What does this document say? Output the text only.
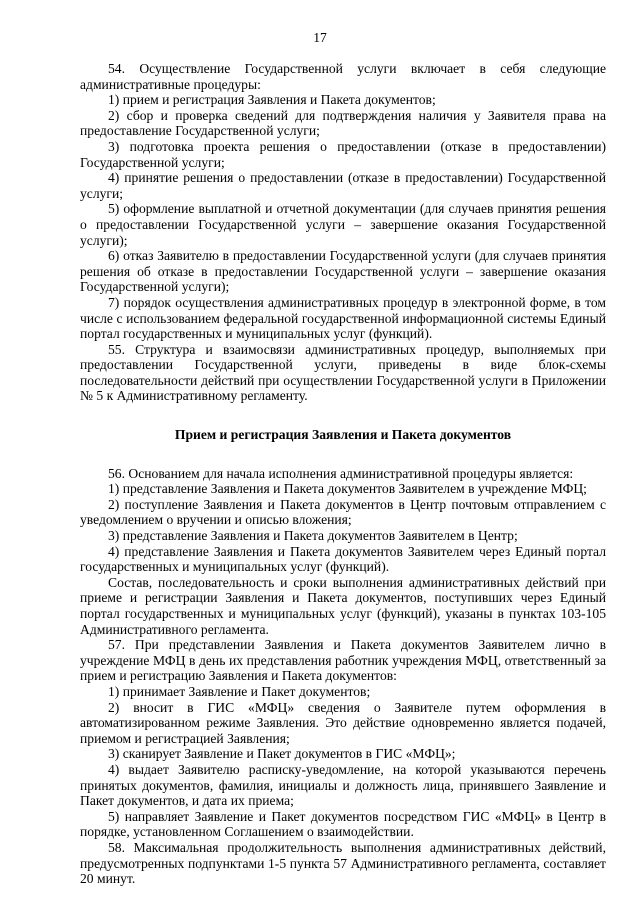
17

54. Осуществление Государственной услуги включает в себя следующие административные процедуры:

1) прием и регистрация Заявления и Пакета документов;

2) сбор и проверка сведений для подтверждения наличия у Заявителя права на предоставление Государственной услуги;

3) подготовка проекта решения о предоставлении (отказе в предоставлении) Государственной услуги;

4) принятие решения о предоставлении (отказе в предоставлении) Государственной услуги;

5) оформление выплатной и отчетной документации (для случаев принятия решения о предоставлении Государственной услуги – завершение оказания Государственной услуги);

6) отказ Заявителю в предоставлении Государственной услуги (для случаев принятия решения об отказе в предоставлении Государственной услуги – завершение оказания Государственной услуги);

7) порядок осуществления административных процедур в электронной форме, в том числе с использованием федеральной государственной информационной системы Единый портал государственных и муниципальных услуг (функций).

55. Структура и взаимосвязи административных процедур, выполняемых при предоставлении Государственной услуги, приведены в виде блок-схемы последовательности действий при осуществлении Государственной услуги в Приложении № 5 к Административному регламенту.

Прием и регистрация Заявления и Пакета документов

56. Основанием для начала исполнения административной процедуры является:

1) представление Заявления и Пакета документов Заявителем в учреждение МФЦ;

2) поступление Заявления и Пакета документов в Центр почтовым отправлением с уведомлением о вручении и описью вложения;

3) представление Заявления и Пакета документов Заявителем в Центр;

4) представление Заявления и Пакета документов Заявителем через Единый портал государственных и муниципальных услуг (функций).

Состав, последовательность и сроки выполнения административных действий при приеме и регистрации Заявления и Пакета документов, поступивших через Единый портал государственных и муниципальных услуг (функций), указаны в пунктах 103-105 Административного регламента.

57. При представлении Заявления и Пакета документов Заявителем лично в учреждение МФЦ в день их представления работник учреждения МФЦ, ответственный за прием и регистрацию Заявления и Пакета документов:

1) принимает Заявление и Пакет документов;

2) вносит в ГИС «МФЦ» сведения о Заявителе путем оформления в автоматизированном режиме Заявления. Это действие одновременно является подачей, приемом и регистрацией Заявления;

3) сканирует Заявление и Пакет документов в ГИС «МФЦ»;

4) выдает Заявителю расписку-уведомление, на которой указываются перечень принятых документов, фамилия, инициалы и должность лица, принявшего Заявление и Пакет документов, и дата их приема;

5) направляет Заявление и Пакет документов посредством ГИС «МФЦ» в Центр в порядке, установленном Соглашением о взаимодействии.

58. Максимальная продолжительность выполнения административных действий, предусмотренных подпунктами 1-5 пункта 57 Административного регламента, составляет 20 минут.
